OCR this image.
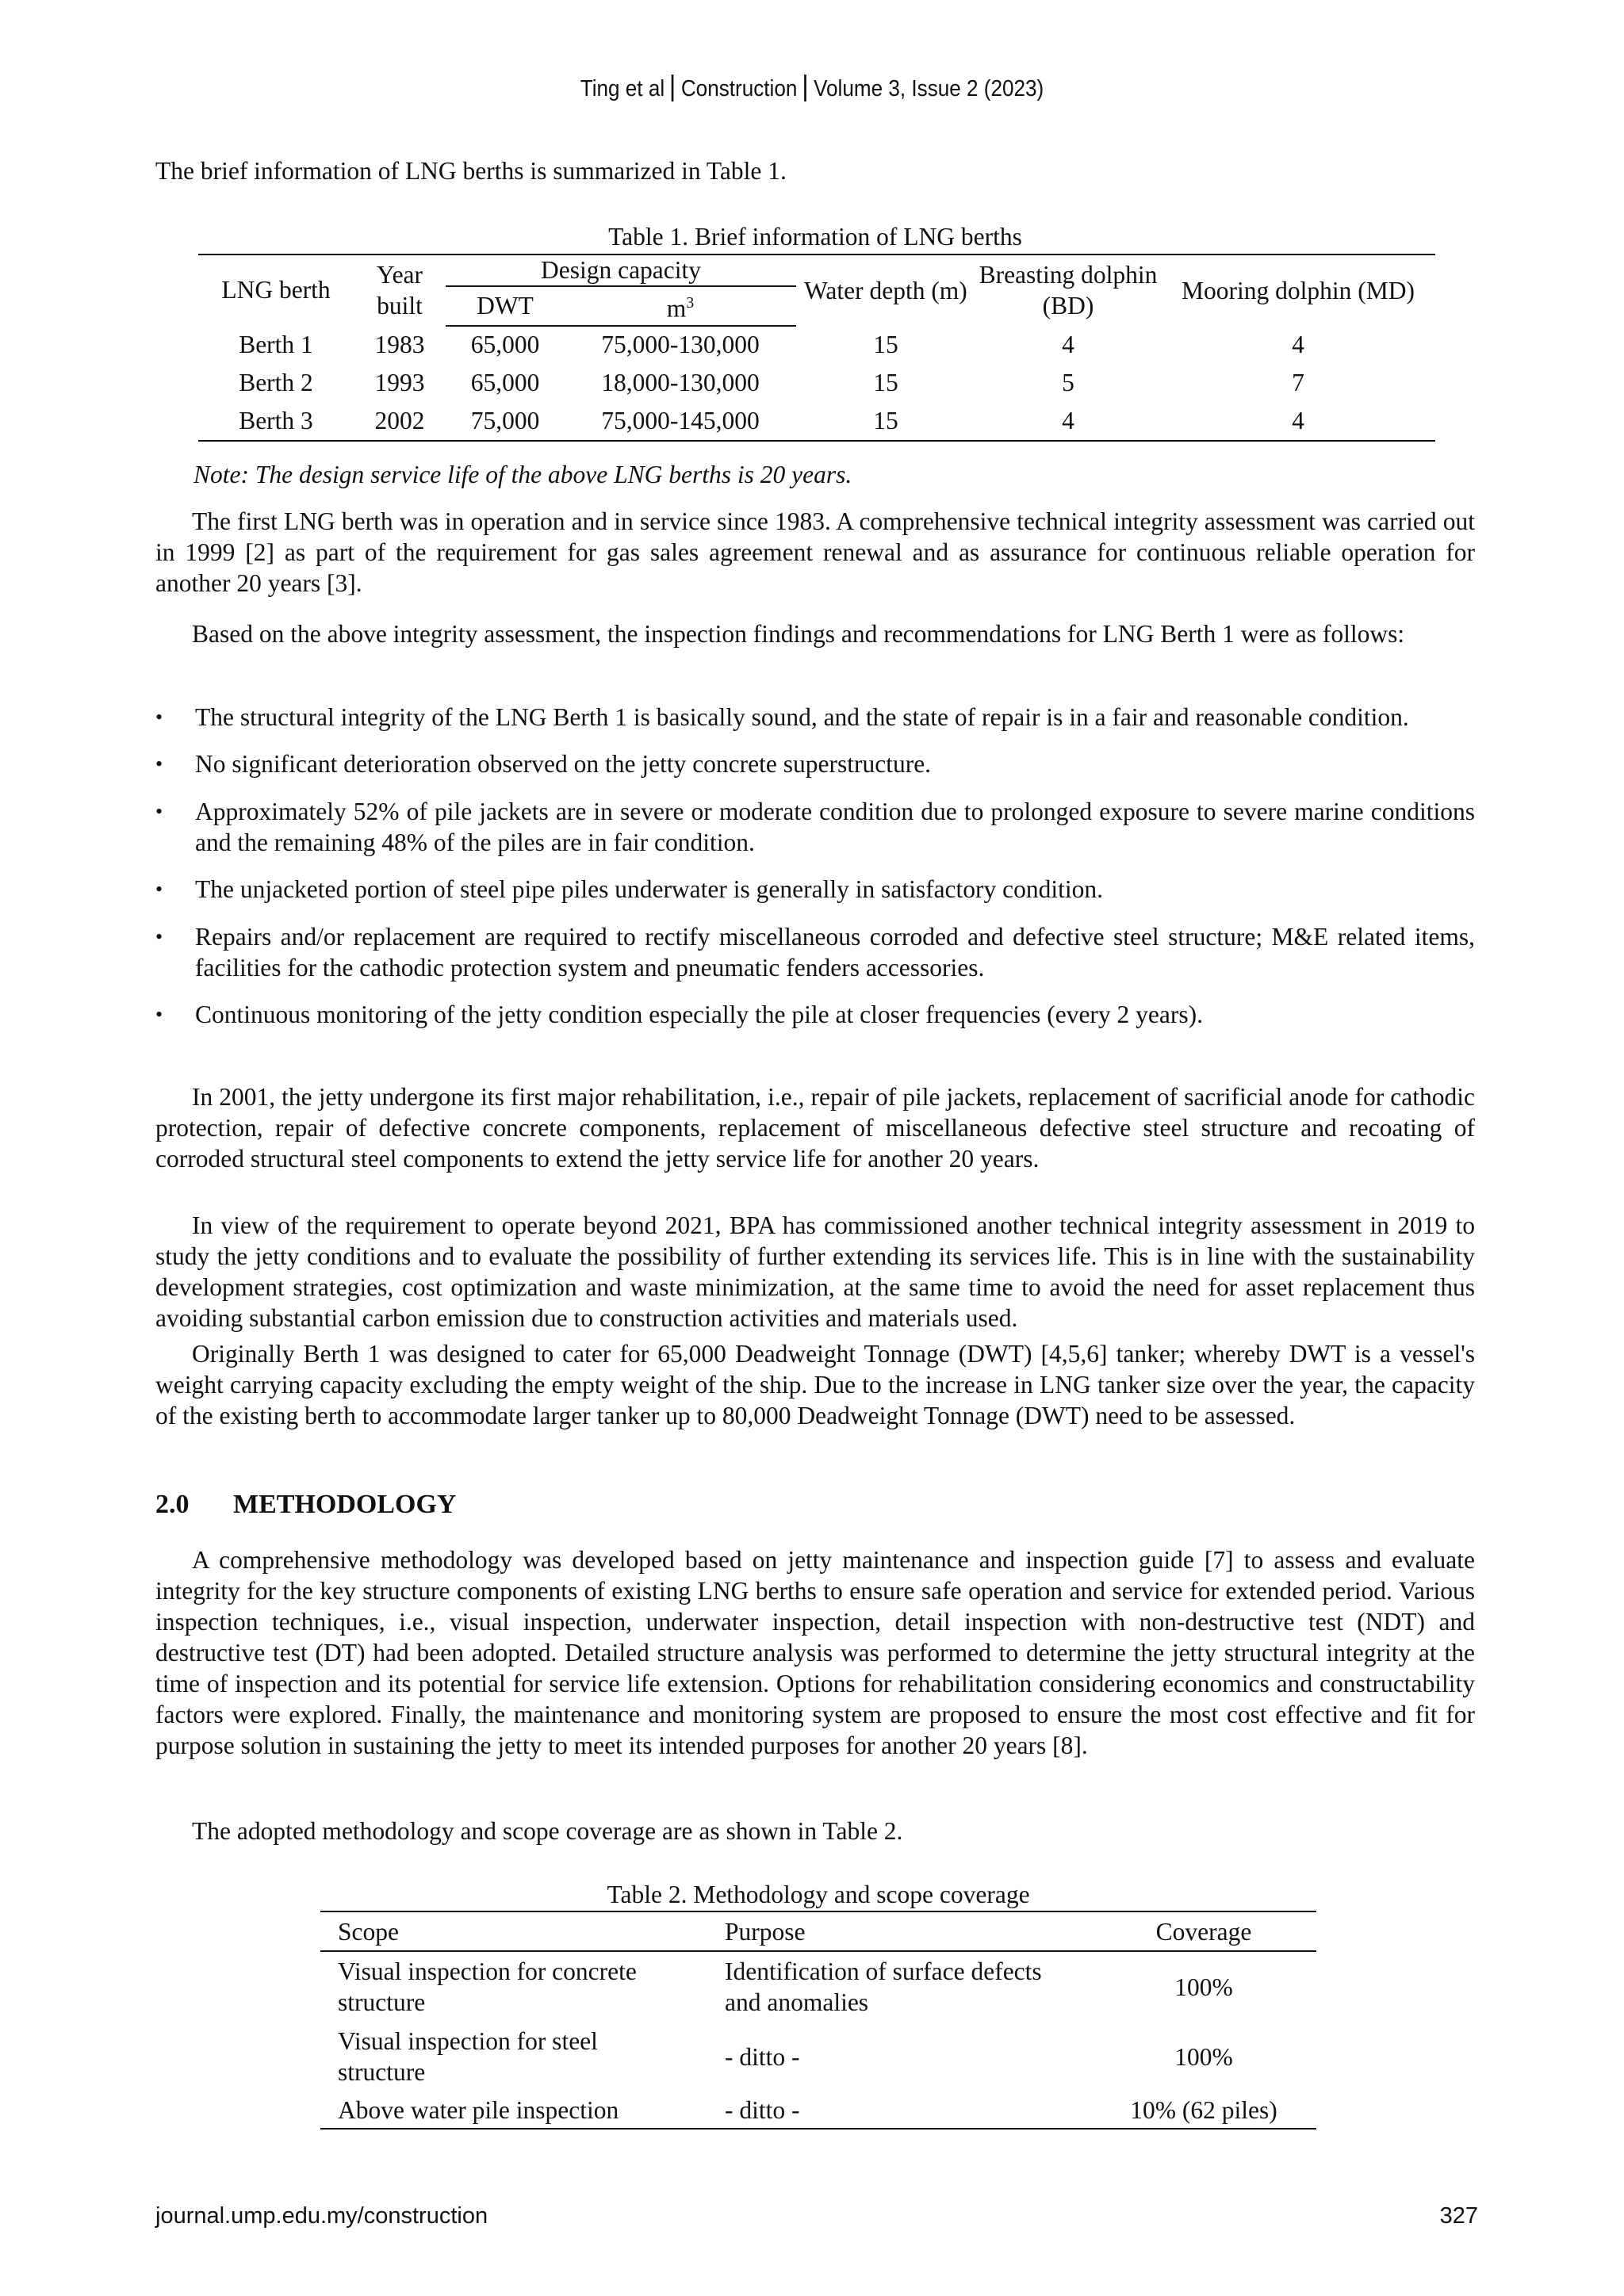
Ting et al Construction Volume 3, Issue 2 (2023)

The brief information of LNG berths is summarized in Table 1.

Table 1. Brief information of LNG berths
LNG berth	Year built	Design capacity		Water depth (m)	Breasting dolphin (BD)	Mooring dolphin (MD)
		DWT	$m^3$
Berth 1	1983	65,000	75,000-130,000	15	4	4
Berth 2	1993	65,000	18,000-130,000	15	5	7
Berth 3	2002	75,000	75,000-145,000	15	4	4
Note: The design service life of the above LNG berths is 20 years.

The first LNG berth was in operation and in service since 1983. A comprehensive technical integrity assessment was carried out in 1999 [2] as part of the requirement for gas sales agreement renewal and as assurance for continuous reliable operation for another 20 years [3].

Based on the above integrity assessment, the inspection findings and recommendations for LNG Berth 1 were as follows:

• The structural integrity of the LNG Berth 1 is basically sound, and the state of repair is in a fair and reasonable condition.
• No significant deterioration observed on the jetty concrete superstructure.
• Approximately 52% of pile jackets are in severe or moderate condition due to prolonged exposure to severe marine conditions and the remaining 48% of the piles are in fair condition.
• The unjacketed portion of steel pipe piles underwater is generally in satisfactory condition.
• Repairs and/or replacement are required to rectify miscellaneous corroded and defective steel structure; M&E related items, facilities for the cathodic protection system and pneumatic fenders accessories.
• Continuous monitoring of the jetty condition especially the pile at closer frequencies (every 2 years).

In 2001, the jetty undergone its first major rehabilitation, i.e., repair of pile jackets, replacement of sacrificial anode for cathodic protection, repair of defective concrete components, replacement of miscellaneous defective steel structure and recoating of corroded structural steel components to extend the jetty service life for another 20 years.

In view of the requirement to operate beyond 2021, BPA has commissioned another technical integrity assessment in 2019 to study the jetty conditions and to evaluate the possibility of further extending its services life. This is in line with the sustainability development strategies, cost optimization and waste minimization, at the same time to avoid the need for asset replacement thus avoiding substantial carbon emission due to construction activities and materials used.

Originally Berth 1 was designed to cater for 65,000 Deadweight Tonnage (DWT) [4,5,6] tanker; whereby DWT is a vessel's weight carrying capacity excluding the empty weight of the ship. Due to the increase in LNG tanker size over the year, the capacity of the existing berth to accommodate larger tanker up to 80,000 Deadweight Tonnage (DWT) need to be assessed.

2.0 METHODOLOGY

A comprehensive methodology was developed based on jetty maintenance and inspection guide [7] to assess and evaluate integrity for the key structure components of existing LNG berths to ensure safe operation and service for extended period. Various inspection techniques, i.e., visual inspection, underwater inspection, detail inspection with non-destructive test (NDT) and destructive test (DT) had been adopted. Detailed structure analysis was performed to determine the jetty structural integrity at the time of inspection and its potential for service life extension. Options for rehabilitation considering economics and constructability factors were explored. Finally, the maintenance and monitoring system are proposed to ensure the most cost effective and fit for purpose solution in sustaining the jetty to meet its intended purposes for another 20 years [8].

The adopted methodology and scope coverage are as shown in Table 2.

Table 2. Methodology and scope coverage
Scope	Purpose	Coverage
Visual inspection for concrete structure	Identification of surface defects and anomalies	100%
Visual inspection for steel structure	- ditto -	100%
Above water pile inspection	- ditto -	10% (62 piles)
journal.ump.edu.my/construction	327
